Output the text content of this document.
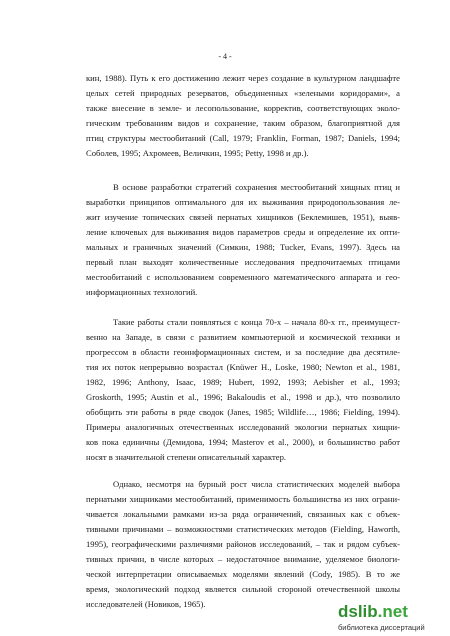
- 4 -
кин, 1988). Путь к его достижению лежит через создание в культурном ландшафте
целых сетей природных резерватов, объединенных «зелеными коридорами», а
также внесение в земле- и лесопользование, корректив, соответствующих эколо-
гическим требованиям видов и сохранение, таким образом, благоприятной для
птиц структуры местообитаний (Call, 1979; Franklin, Forman, 1987; Daniels, 1994;
Соболев, 1995; Ахромеев, Величкин, 1995; Petty, 1998 и др.).
В основе разработки стратегий сохранения местообитаний хищных птиц и
выработки принципов оптимального для их выживания природопользования ле-
жит изучение топических связей пернатых хищников (Беклемишев, 1951), выяв-
ление ключевых для выживания видов параметров среды и определение их опти-
мальных и граничных значений (Симкин, 1988; Tucker, Evans, 1997). Здесь на
первый план выходят количественные исследования предпочитаемых птицами
местообитаний с использованием современного математического аппарата и гео-
информационных технологий.
Такие работы стали появляться с конца 70-х – начала 80-х гг., преимущест-
венно на Западе, в связи с развитием компьютерной и космической техники и
прогрессом в области геоинформационных систем, и за последние два десятиле-
тия их поток непрерывно возрастал (Knüwer H., Loske, 1980; Newton et al., 1981,
1982, 1996; Anthony, Isaac, 1989; Hubert, 1992, 1993; Aebisher et al., 1993;
Groskorth, 1995; Austin et al., 1996; Bakaloudis et al., 1998 и др.), что позволило
обобщить эти работы в ряде сводок (Janes, 1985; Wildlife…, 1986; Fielding, 1994).
Примеры аналогичных отечественных исследований экологии пернатых хищни-
ков пока единичны (Демидова, 1994; Masterov et al., 2000), и большинство работ
носят в значительной степени описательный характер.
Однако, несмотря на бурный рост числа статистических моделей выбора
пернатыми хищниками местообитаний, применимость большинства из них ограни-
чивается локальными рамками из-за ряда ограничений, связанных как с объек-
тивными причинами – возможностями статистических методов (Fielding, Haworth,
1995), географическими различиями районов исследований, – так и рядом субъек-
тивных причин, в числе которых – недостаточное внимание, уделяемое биологи-
ческой интерпретации описываемых моделями явлений (Cody, 1985). В то же
время, экологический подход является сильной стороной отечественной школы
исследователей (Новиков, 1965).	dslib.net
библиотека диссертаций
